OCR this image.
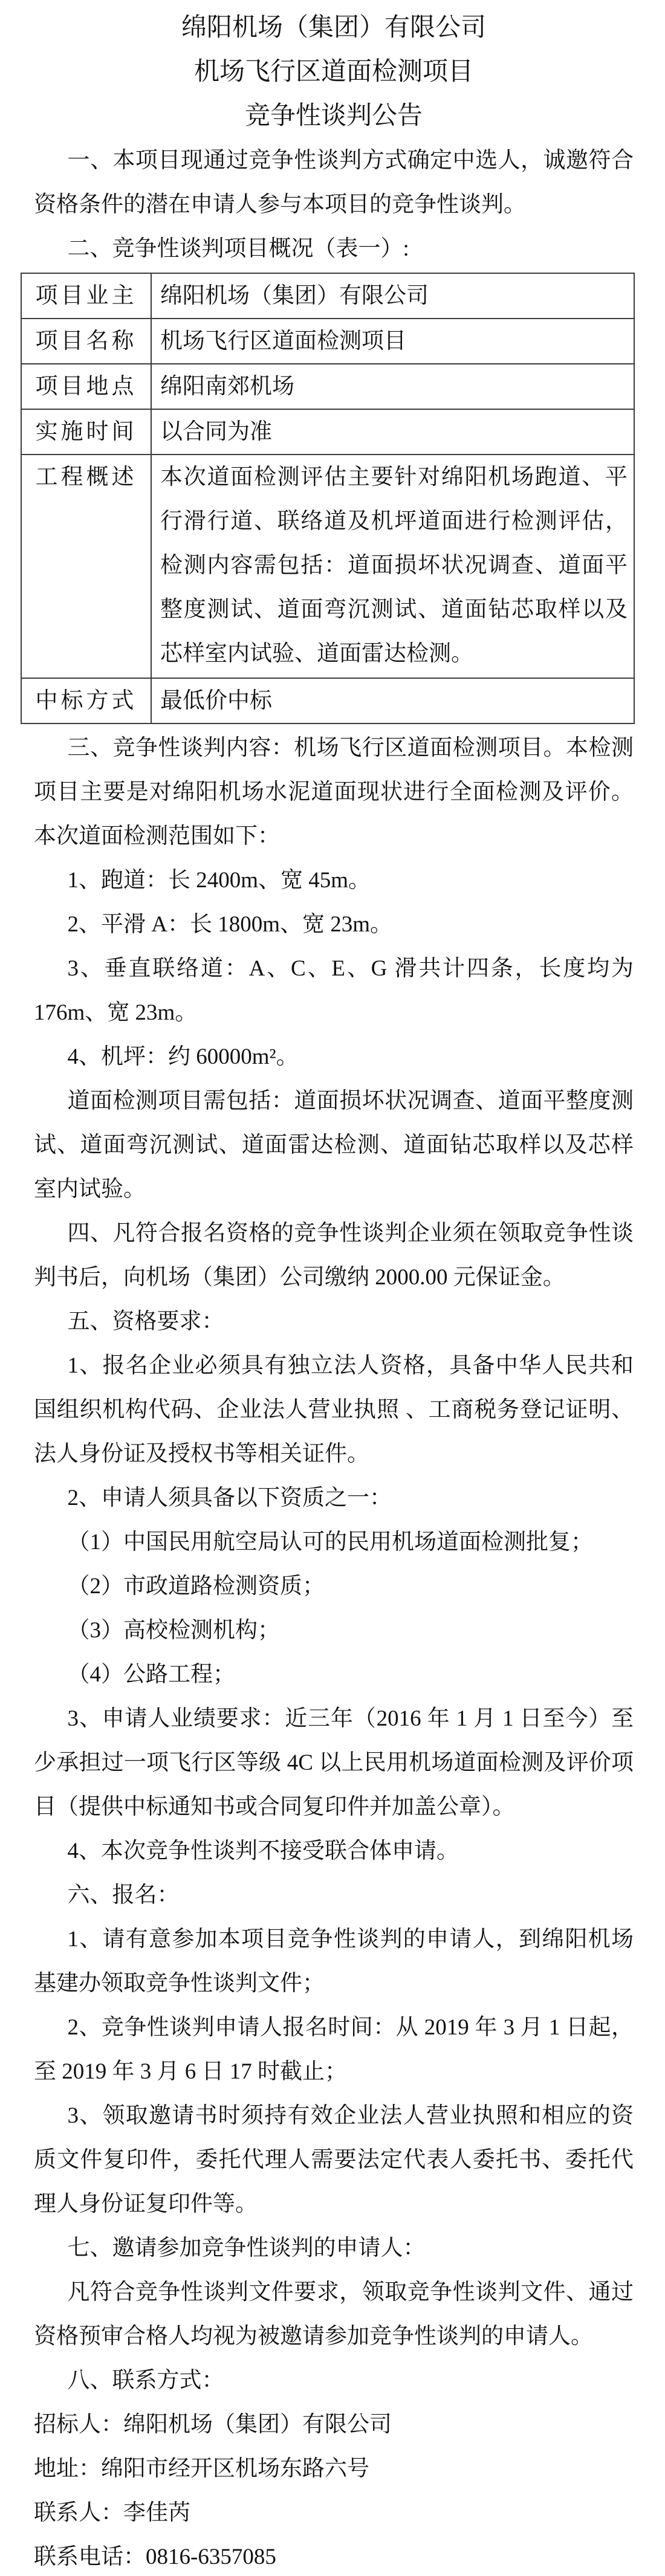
绵阳机场（集团）有限公司
机场飞行区道面检测项目
竞争性谈判公告

一、本项目现通过竞争性谈判方式确定中选人，诚邀符合资格条件的潜在申请人参与本项目的竞争性谈判。

二、竞争性谈判项目概况（表一）:

项目业主	绵阳机场（集团）有限公司
项目名称	机场飞行区道面检测项目
项目地点	绵阳南郊机场
实施时间	以合同为准
工程概述	本次道面检测评估主要针对绵阳机场跑道、平行滑行道、联络道及机坪道面进行检测评估，检测内容需包括：道面损坏状况调查、道面平整度测试、道面弯沉测试、道面钻芯取样以及芯样室内试验、道面雷达检测。
中标方式	最低价中标

三、竞争性谈判内容：机场飞行区道面检测项目。本检测项目主要是对绵阳机场水泥道面现状进行全面检测及评价。本次道面检测范围如下：

1、跑道：长 2400m、宽 45m。

2、平滑 A：长 1800m、宽 23m。

3、垂直联络道：A、C、E、G 滑共计四条，长度均为 176m、宽 23m。

4、机坪：约 60000m²。

道面检测项目需包括：道面损坏状况调查、道面平整度测试、道面弯沉测试、道面雷达检测、道面钻芯取样以及芯样室内试验。

四、凡符合报名资格的竞争性谈判企业须在领取竞争性谈判书后，向机场（集团）公司缴纳 2000.00 元保证金。

五、资格要求：

1、报名企业必须具有独立法人资格，具备中华人民共和国组织机构代码、企业法人营业执照 、工商税务登记证明、法人身份证及授权书等相关证件。

2、申请人须具备以下资质之一：

（1）中国民用航空局认可的民用机场道面检测批复；

（2）市政道路检测资质；

（3）高校检测机构；

（4）公路工程；

3、申请人业绩要求：近三年（2016 年 1 月 1 日至今）至少承担过一项飞行区等级 4C 以上民用机场道面检测及评价项目（提供中标通知书或合同复印件并加盖公章）。

4、本次竞争性谈判不接受联合体申请。

六、报名：

1、请有意参加本项目竞争性谈判的申请人，到绵阳机场基建办领取竞争性谈判文件；

2、竞争性谈判申请人报名时间：从 2019 年 3 月 1 日起，至 2019 年 3 月 6 日 17 时截止；

3、领取邀请书时须持有效企业法人营业执照和相应的资质文件复印件，委托代理人需要法定代表人委托书、委托代理人身份证复印件等。

七、邀请参加竞争性谈判的申请人：

凡符合竞争性谈判文件要求，领取竞争性谈判文件、通过资格预审合格人均视为被邀请参加竞争性谈判的申请人。

八、联系方式：

招标人：绵阳机场（集团）有限公司

地址：绵阳市经开区机场东路六号

联系人：李佳芮

联系电话：0816-6357085
